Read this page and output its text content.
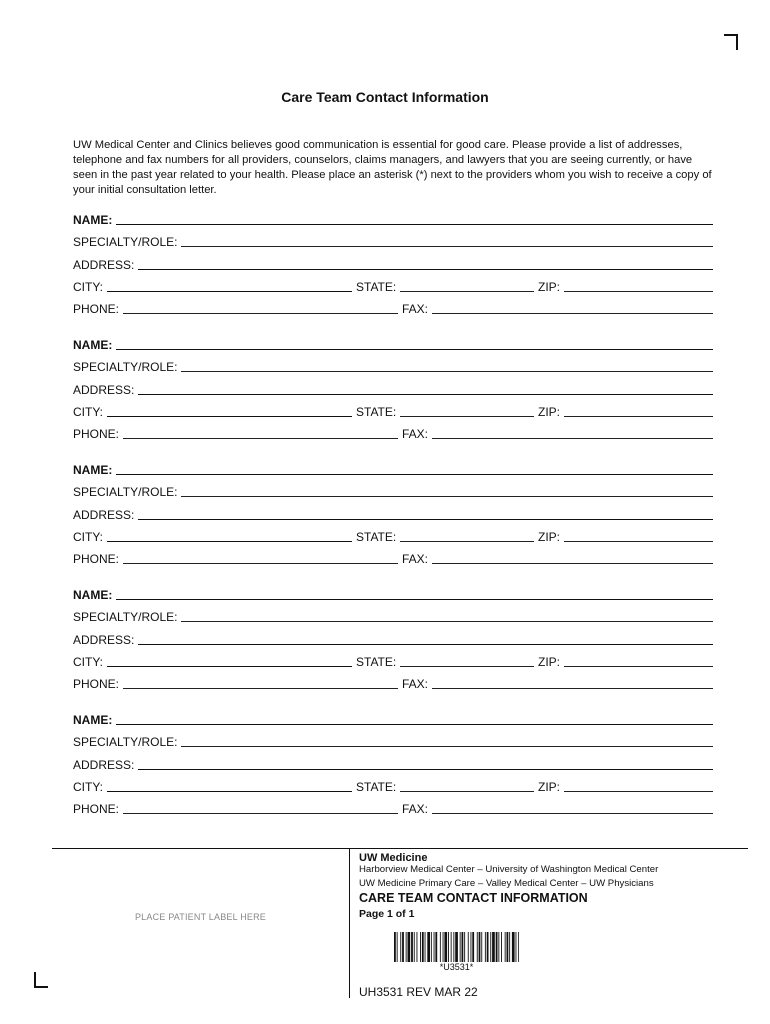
Care Team Contact Information

UW Medical Center and Clinics believes good communication is essential for good care. Please provide a list of addresses, telephone and fax numbers for all providers, counselors, claims managers, and lawyers that you are seeing currently, or have seen in the past year related to your health. Please place an asterisk (*) next to the providers whom you wish to receive a copy of your initial consultation letter.

NAME:
SPECIALTY/ROLE:
ADDRESS:
CITY:	STATE:	ZIP:
PHONE:	FAX:
NAME:
SPECIALTY/ROLE:
ADDRESS:
CITY:	STATE:	ZIP:
PHONE:	FAX:
NAME:
SPECIALTY/ROLE:
ADDRESS:
CITY:	STATE:	ZIP:
PHONE:	FAX:
NAME:
SPECIALTY/ROLE:
ADDRESS:
CITY:	STATE:	ZIP:
PHONE:	FAX:
NAME:
SPECIALTY/ROLE:
ADDRESS:
CITY:	STATE:	ZIP:
PHONE:	FAX:
PLACE PATIENT LABEL HERE
UW Medicine
Harborview Medical Center – University of Washington Medical Center
UW Medicine Primary Care – Valley Medical Center – UW Physicians
CARE TEAM CONTACT INFORMATION
Page 1 of 1
*U3531*
UH3531 REV MAR 22
